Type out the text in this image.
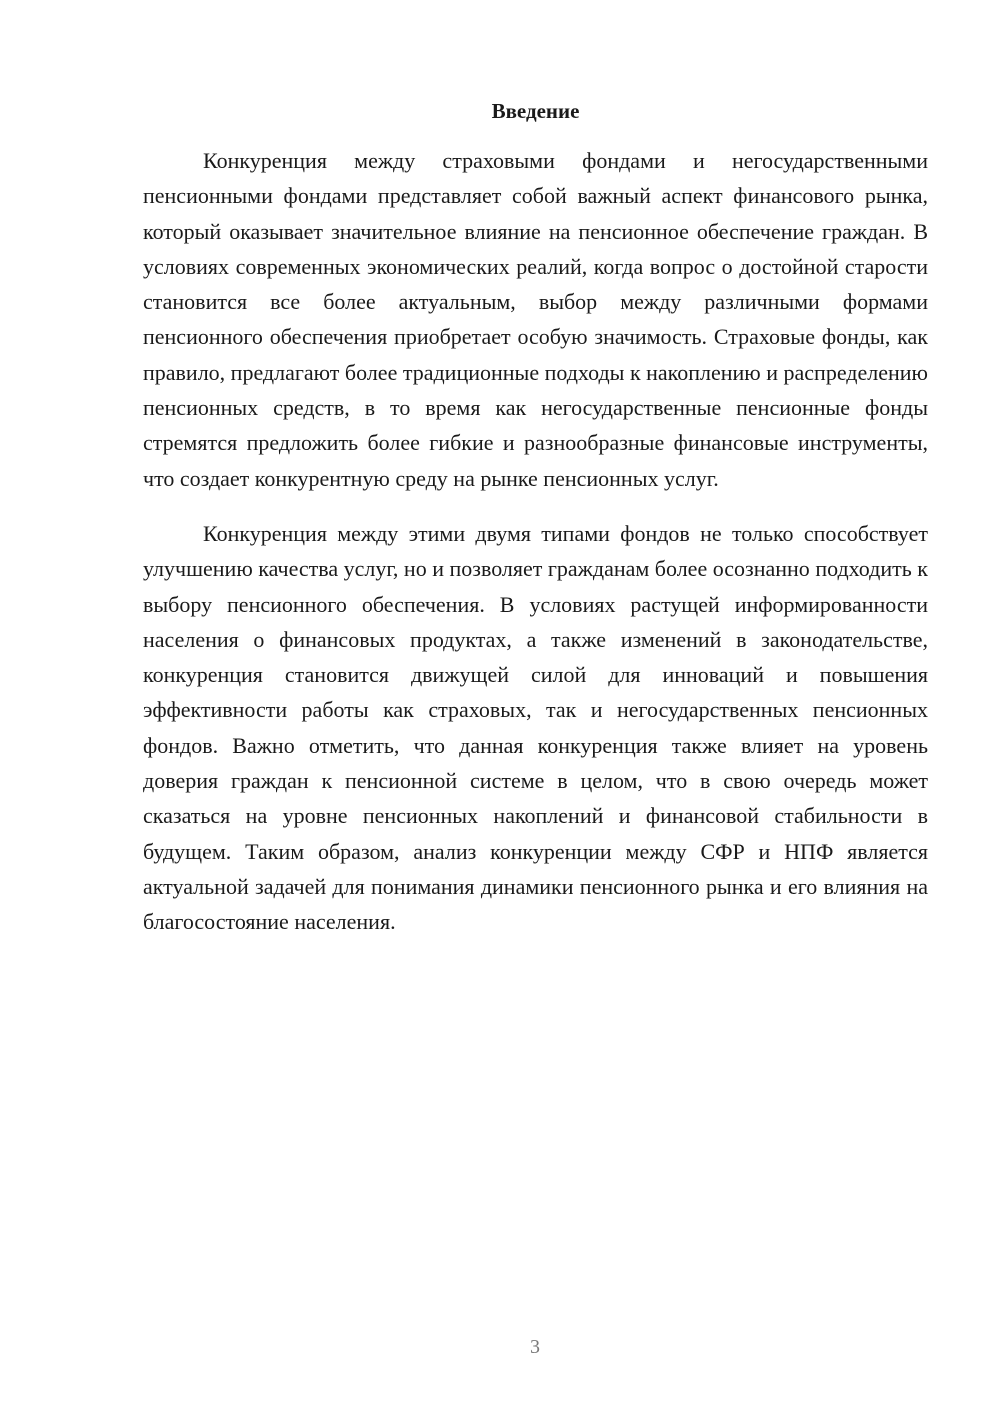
Введение

Конкуренция между страховыми фондами и негосударственными пенсионными фондами представляет собой важный аспект финансового рынка, который оказывает значительное влияние на пенсионное обеспечение граждан. В условиях современных экономических реалий, когда вопрос о достойной старости становится все более актуальным, выбор между различными формами пенсионного обеспечения приобретает особую значимость. Страховые фонды, как правило, предлагают более традиционные подходы к накоплению и распределению пенсионных средств, в то время как негосударственные пенсионные фонды стремятся предложить более гибкие и разнообразные финансовые инструменты, что создает конкурентную среду на рынке пенсионных услуг.

Конкуренция между этими двумя типами фондов не только способствует улучшению качества услуг, но и позволяет гражданам более осознанно подходить к выбору пенсионного обеспечения. В условиях растущей информированности населения о финансовых продуктах, а также изменений в законодательстве, конкуренция становится движущей силой для инноваций и повышения эффективности работы как страховых, так и негосударственных пенсионных фондов. Важно отметить, что данная конкуренция также влияет на уровень доверия граждан к пенсионной системе в целом, что в свою очередь может сказаться на уровне пенсионных накоплений и финансовой стабильности в будущем. Таким образом, анализ конкуренции между СФР и НПФ является актуальной задачей для понимания динамики пенсионного рынка и его влияния на благосостояние населения.

3
